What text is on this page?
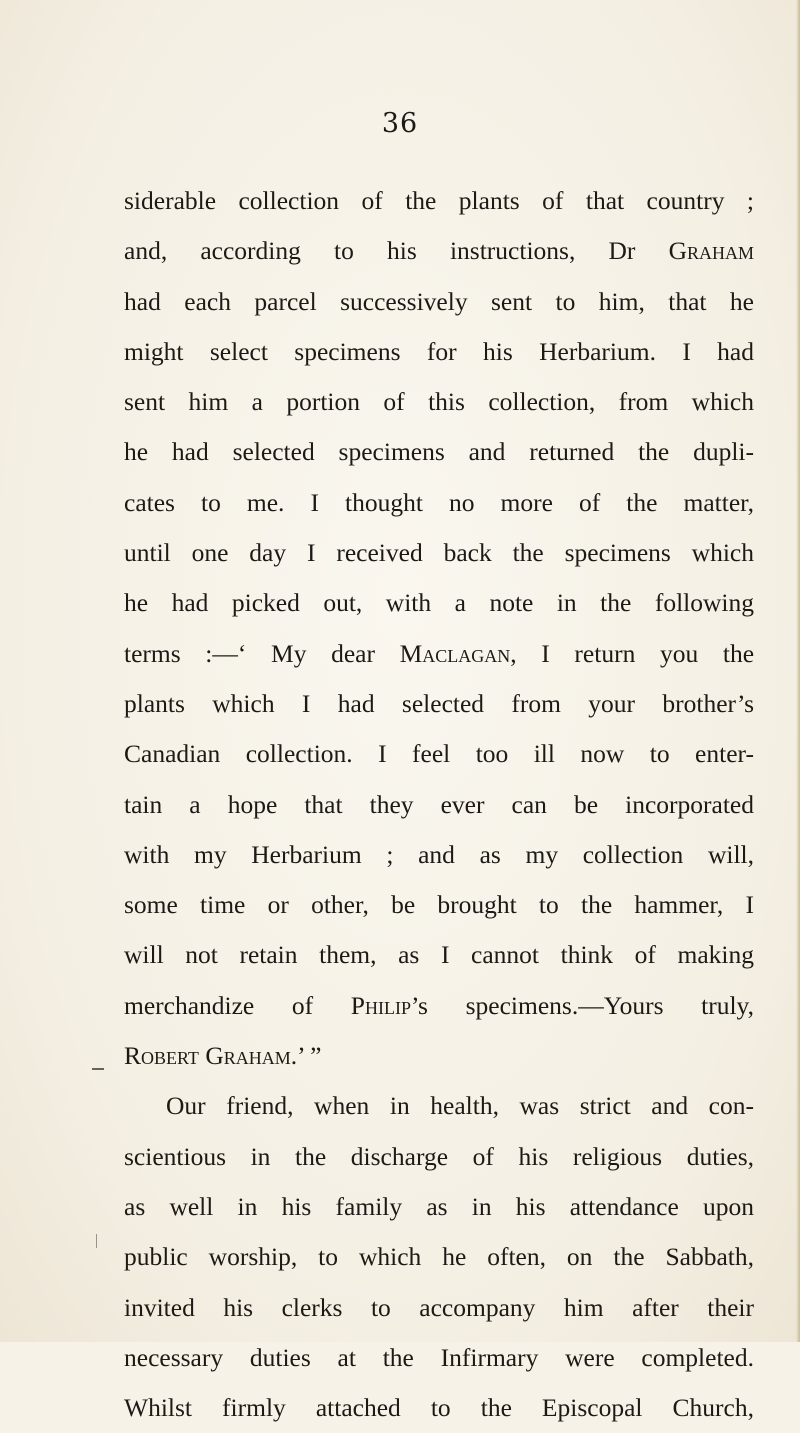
36
siderable collection of the plants of that country ;
and, according to his instructions, Dr Graham
had each parcel successively sent to him, that he
might select specimens for his Herbarium. I had
sent him a portion of this collection, from which
he had selected specimens and returned the dupli-
cates to me. I thought no more of the matter,
until one day I received back the specimens which
he had picked out, with a note in the following
terms :—‘ My dear Maclagan, I return you the
plants which I had selected from your brother’s
Canadian collection. I feel too ill now to enter-
tain a hope that they ever can be incorporated
with my Herbarium ; and as my collection will,
some time or other, be brought to the hammer, I
will not retain them, as I cannot think of making
merchandize of Philip’s specimens.—Yours truly,
Robert Graham.’ ”
Our friend, when in health, was strict and con-
scientious in the discharge of his religious duties,
as well in his family as in his attendance upon
public worship, to which he often, on the Sabbath,
invited his clerks to accompany him after their
necessary duties at the Infirmary were completed.
Whilst firmly attached to the Episcopal Church,
